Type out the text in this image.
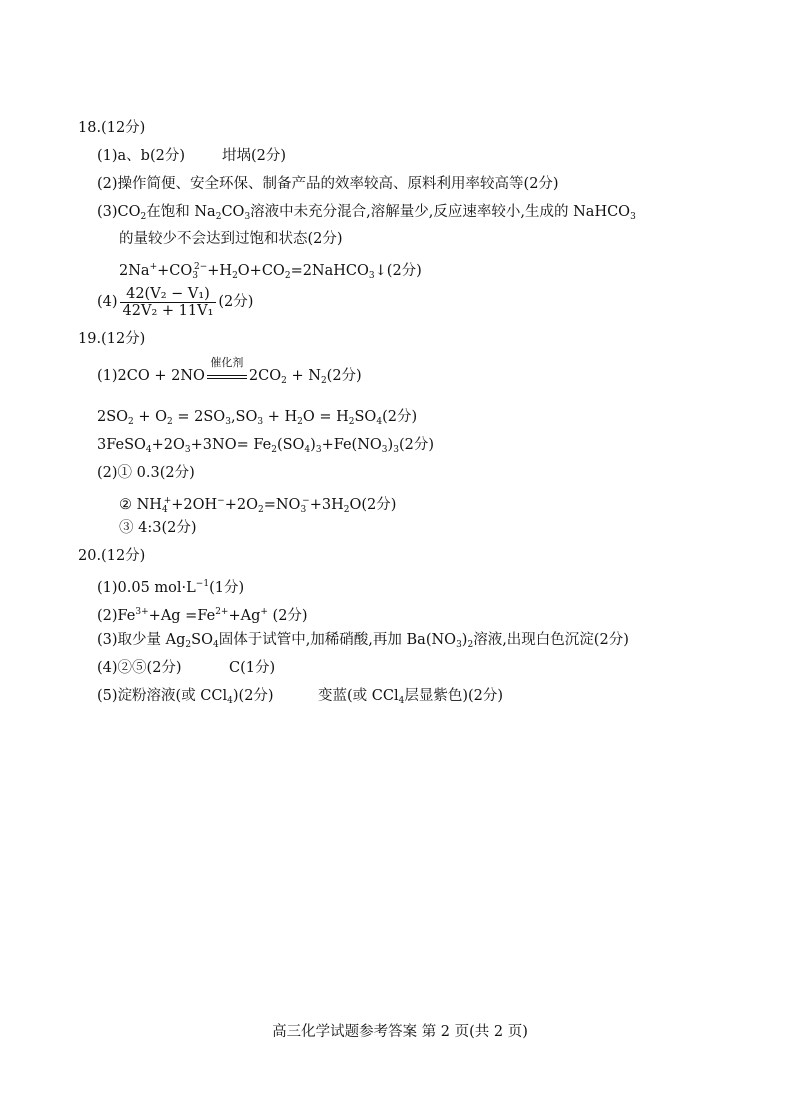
18.(12分)
(1)a、b(2分)	坩埚(2分)
(2)操作简便、安全环保、制备产品的效率较高、原料利用率较高等(2分)
$(3)CO_2$在饱和 $Na_2CO_3$溶液中未充分混合,溶解量少,反应速率较小,生成的 NaHCO$_3$
的量较少不会达到过饱和状态(2分)
$2Na^++CO_3^{2-}+H_2O+CO_2=2NaHCO_3↓(2$分)
$(4) \frac{\text{42(V₂ − V₁)}}{\text{42V₂ + 11V₁}} (2$分)
19.(12分)
(1)2CO + 2NO
催化剂
$2CO_2 + N_2(2$分)
$2SO_2 + O_2 = 2SO_3,SO_3 + H_2O = H_2SO_4(2$分)
$3FeSO_4+2O_3+3NO= Fe_2(SO_4)_3+Fe(NO_3)_3(2$分)
(2)① 0.3(2分)
② $NH_4^++2OH^-+2O_2=NO_3^-+3H_2O(2$分)
③ 4:3(2分)
20.(12分)
(1)0.05 $mol\cdot L^{-1}(1$分)
$(2)Fe^{3+}+Ag =Fe^{2+}+Ag^+$ (2分)
(3)取少量 $Ag_2SO_4$固体于试管中,加稀硝酸,再加 $Ba(NO_3)_2$溶液,出现白色沉淀(2分)
(4)②⑤(2分)	C(1分)
(5)淀粉溶液(或 CCl$_4$)(2分)	变蓝(或 CCl$_4$层显紫色)(2分)
高三化学试题参考答案 第 2 页(共 2 页)
